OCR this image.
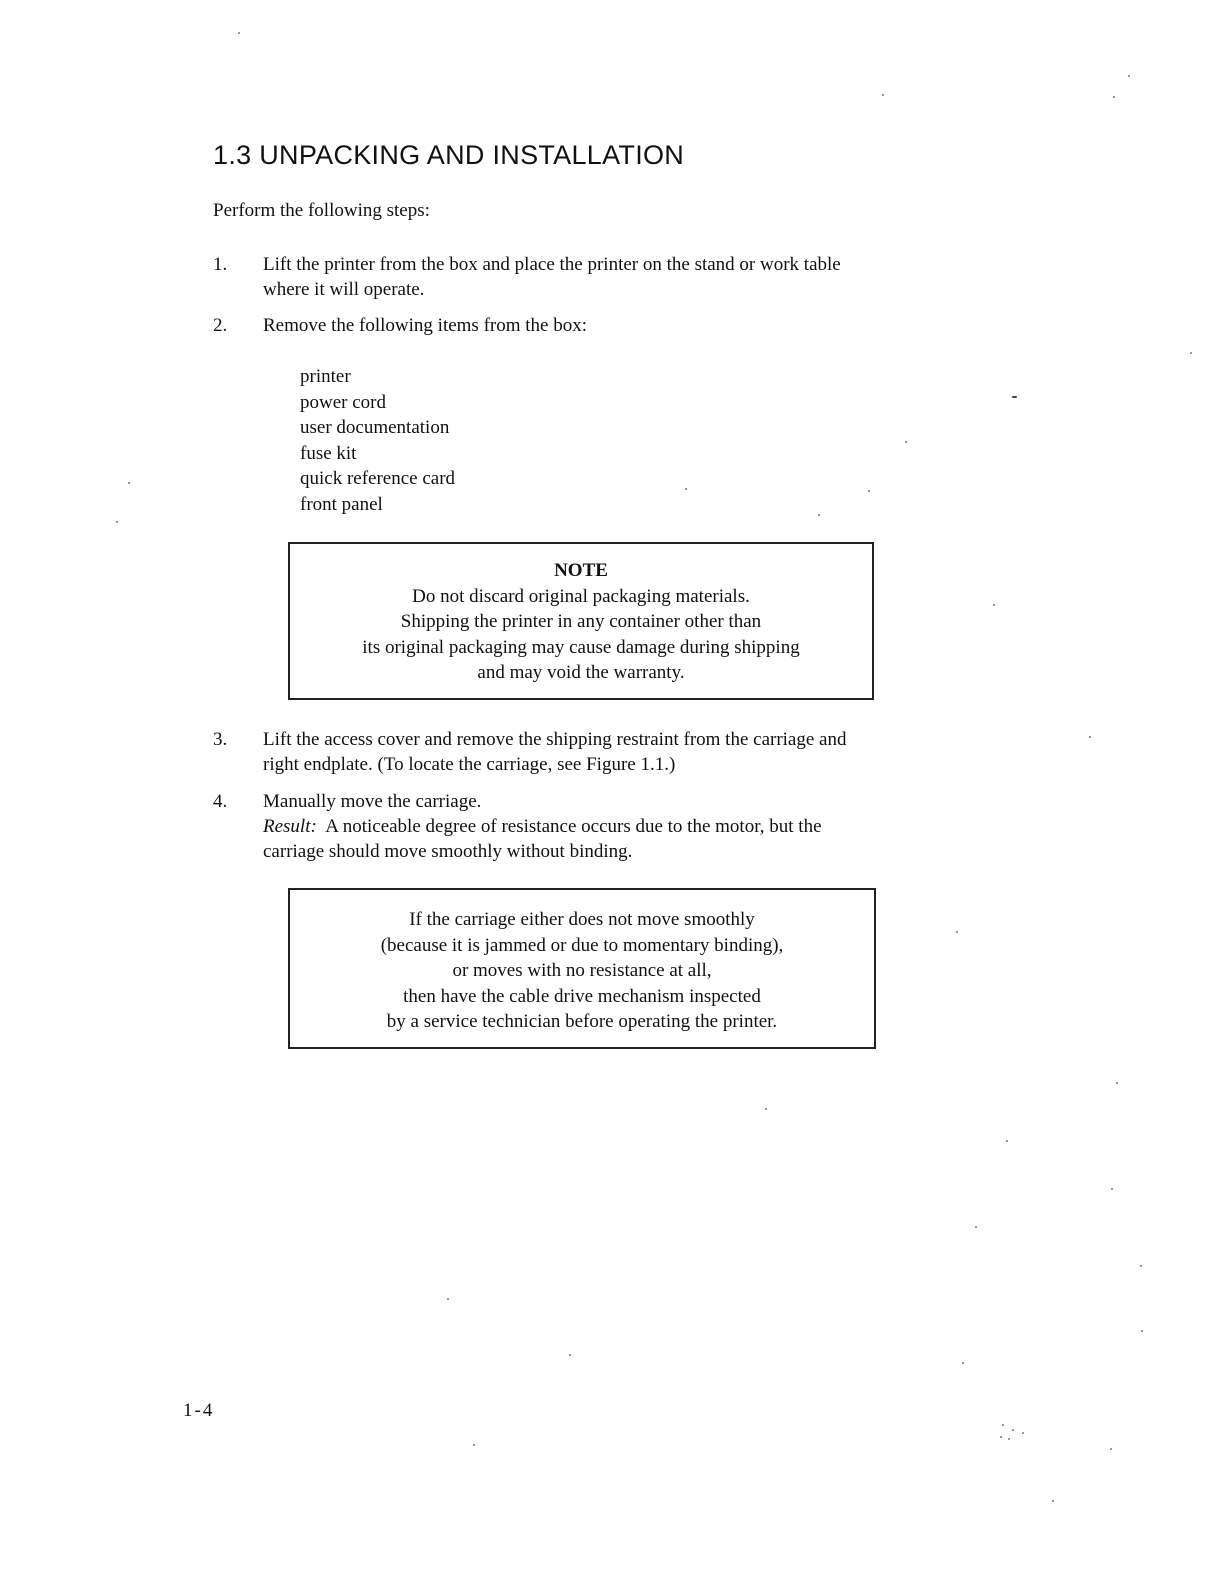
1.3 UNPACKING AND INSTALLATION
Perform the following steps:
1.	Lift the printer from the box and place the printer on the stand or work table
where it will operate.
2.	Remove the following items from the box:
printer
power cord
user documentation
fuse kit
quick reference card
front panel
NOTE
Do not discard original packaging materials.
Shipping the printer in any container other than
its original packaging may cause damage during shipping
and may void the warranty.
3.	Lift the access cover and remove the shipping restraint from the carriage and
right endplate. (To locate the carriage, see Figure 1.1.)
4.	Manually move the carriage.
Result: A noticeable degree of resistance occurs due to the motor, but the
carriage should move smoothly without binding.
If the carriage either does not move smoothly
(because it is jammed or due to momentary binding),
or moves with no resistance at all,
then have the cable drive mechanism inspected
by a service technician before operating the printer.
1-4
